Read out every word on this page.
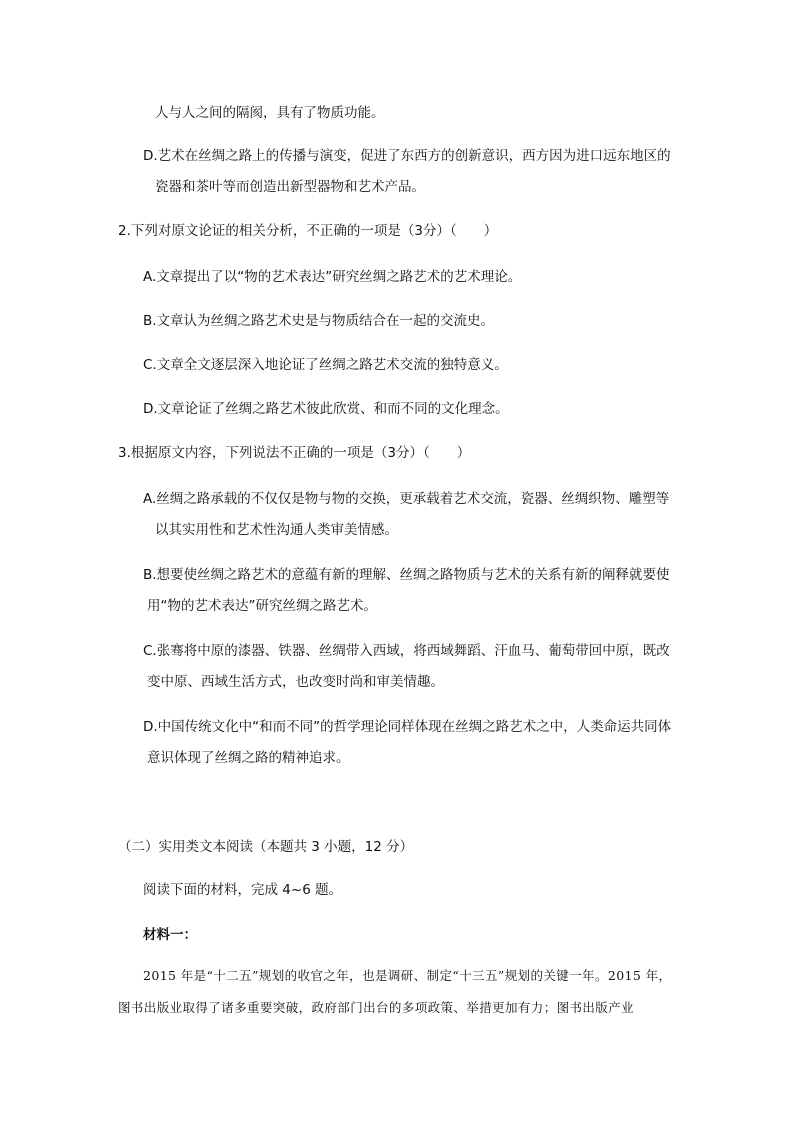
人与人之间的隔阂，具有了物质功能。
D.艺术在丝绸之路上的传播与演变，促进了东西方的创新意识，西方因为进口远东地区的
瓷器和茶叶等而创造出新型器物和艺术产品。
2.下列对原文论证的相关分析，不正确的一项是（3分）（　　）
A.文章提出了以“物的艺术表达”研究丝绸之路艺术的艺术理论。
B.文章认为丝绸之路艺术史是与物质结合在一起的交流史。
C.文章全文逐层深入地论证了丝绸之路艺术交流的独特意义。
D.文章论证了丝绸之路艺术彼此欣赏、和而不同的文化理念。
3.根据原文内容，下列说法不正确的一项是（3分）（　　）
A.丝绸之路承载的不仅仅是物与物的交换，更承载着艺术交流，瓷器、丝绸织物、雕塑等
以其实用性和艺术性沟通人类审美情感。
B.想要使丝绸之路艺术的意蕴有新的理解、丝绸之路物质与艺术的关系有新的阐释就要使
用“物的艺术表达”研究丝绸之路艺术。
C.张骞将中原的漆器、铁器、丝绸带入西域，将西域舞蹈、汗血马、葡萄带回中原，既改
变中原、西域生活方式，也改变时尚和审美情趣。
D.中国传统文化中“和而不同”的哲学理论同样体现在丝绸之路艺术之中，人类命运共同体
意识体现了丝绸之路的精神追求。
（二）实用类文本阅读（本题共 3 小题，12 分）
阅读下面的材料，完成 4~6 题。
材料一：
2015 年是“十二五”规划的收官之年，也是调研、制定“十三五”规划的关键一年。2015 年，
图书出版业取得了诸多重要突破，政府部门出台的多项政策、举措更加有力；图书出版产业
